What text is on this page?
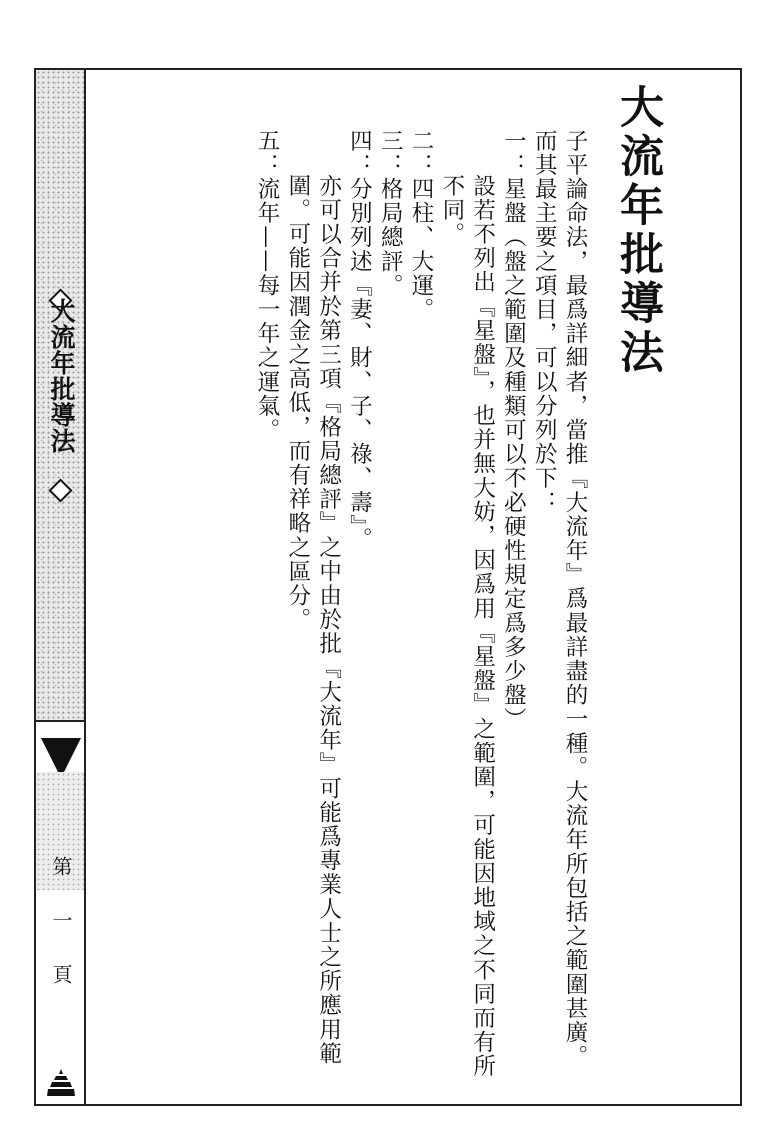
大流年批導法
第一頁

大流年批導法

子平論命法，最爲詳細者，當推『大流年』爲最詳盡的一種。大流年所包括之範圍甚廣。而其最主要之項目，可以分列於下：

一：星盤（盤之範圍及種類可以不必硬性規定爲多少盤）

設若不列出『星盤』，也并無大妨，因爲用『星盤』之範圍，可能因地域之不同而有所不同。

二：四柱、大運。

三：格局總評。

四：分別列述『妻、財、子、祿、壽』。

亦可以合并於第三項『格局總評』之中由於批『大流年』可能爲專業人士之所應用範圍。可能因潤金之高低，而有祥略之區分。

五：流年——每一年之運氣。
